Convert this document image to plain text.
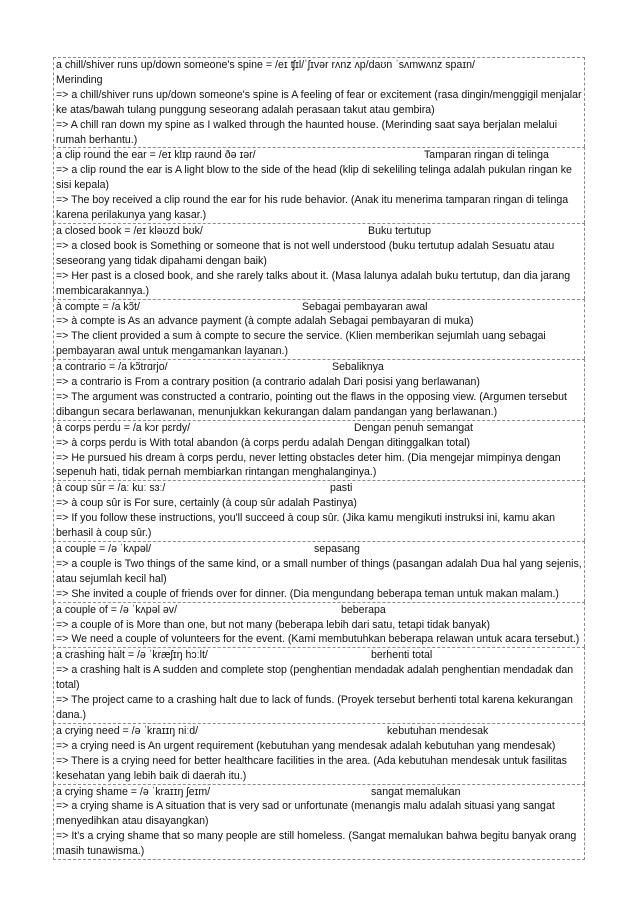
a chill/shiver runs up/down someone's spine = /eɪ ʧɪl/ˈʃɪvər rʌnz ʌp/daʊn ˈsʌmwʌnz spaɪn/
Merinding
=> a chill/shiver runs up/down someone's spine is A feeling of fear or excitement (rasa dingin/menggigil menjalar ke atas/bawah tulang punggung seseorang adalah perasaan takut atau gembira)
=> A chill ran down my spine as I walked through the haunted house. (Merinding saat saya berjalan melalui rumah berhantu.)
a clip round the ear = /eɪ klɪp raʊnd ðə ɪər/	Tamparan ringan di telinga
=> a clip round the ear is A light blow to the side of the head (klip di sekeliling telinga adalah pukulan ringan ke sisi kepala)
=> The boy received a clip round the ear for his rude behavior. (Anak itu menerima tamparan ringan di telinga karena perilakunya yang kasar.)
a closed book = /eɪ kləʊzd bʊk/	Buku tertutup
=> a closed book is Something or someone that is not well understood (buku tertutup adalah Sesuatu atau seseorang yang tidak dipahami dengan baik)
=> Her past is a closed book, and she rarely talks about it. (Masa lalunya adalah buku tertutup, dan dia jarang membicarakannya.)
à compte = /a kɔ̃t/	Sebagai pembayaran awal
=> à compte is As an advance payment (à compte adalah Sebagai pembayaran di muka)
=> The client provided a sum à compte to secure the service. (Klien memberikan sejumlah uang sebagai pembayaran awal untuk mengamankan layanan.)
a contrario = /a kɔ̃trɑrjo/	Sebaliknya
=> a contrario is From a contrary position (a contrario adalah Dari posisi yang berlawanan)
=> The argument was constructed a contrario, pointing out the flaws in the opposing view. (Argumen tersebut dibangun secara berlawanan, menunjukkan kekurangan dalam pandangan yang berlawanan.)
à corps perdu = /a kɔr pɛrdy/	Dengan penuh semangat
=> à corps perdu is With total abandon (à corps perdu adalah Dengan ditinggalkan total)
=> He pursued his dream à corps perdu, never letting obstacles deter him. (Dia mengejar mimpinya dengan sepenuh hati, tidak pernah membiarkan rintangan menghalanginya.)
à coup sûr = /aː kuː sɜː/	pasti
=> à coup sûr is For sure, certainly (à coup sûr adalah Pastinya)
=> If you follow these instructions, you'll succeed à coup sûr. (Jika kamu mengikuti instruksi ini, kamu akan berhasil à coup sûr.)
a couple = /ə ˈkʌpəl/	sepasang
=> a couple is Two things of the same kind, or a small number of things (pasangan adalah Dua hal yang sejenis, atau sejumlah kecil hal)
=> She invited a couple of friends over for dinner. (Dia mengundang beberapa teman untuk makan malam.)
a couple of = /ə ˈkʌpəl əv/	beberapa
=> a couple of is More than one, but not many (beberapa lebih dari satu, tetapi tidak banyak)
=> We need a couple of volunteers for the event. (Kami membutuhkan beberapa relawan untuk acara tersebut.)
a crashing halt = /ə ˈkræʃɪŋ hɔːlt/	berhenti total
=> a crashing halt is A sudden and complete stop (penghentian mendadak adalah penghentian mendadak dan total)
=> The project came to a crashing halt due to lack of funds. (Proyek tersebut berhenti total karena kekurangan dana.)
a crying need = /ə ˈkraɪɪŋ niːd/	kebutuhan mendesak
=> a crying need is An urgent requirement (kebutuhan yang mendesak adalah kebutuhan yang mendesak)
=> There is a crying need for better healthcare facilities in the area. (Ada kebutuhan mendesak untuk fasilitas kesehatan yang lebih baik di daerah itu.)
a crying shame = /ə ˈkraɪɪŋ ʃeɪm/	sangat memalukan
=> a crying shame is A situation that is very sad or unfortunate (menangis malu adalah situasi yang sangat menyedihkan atau disayangkan)
=> It's a crying shame that so many people are still homeless. (Sangat memalukan bahwa begitu banyak orang masih tunawisma.)
